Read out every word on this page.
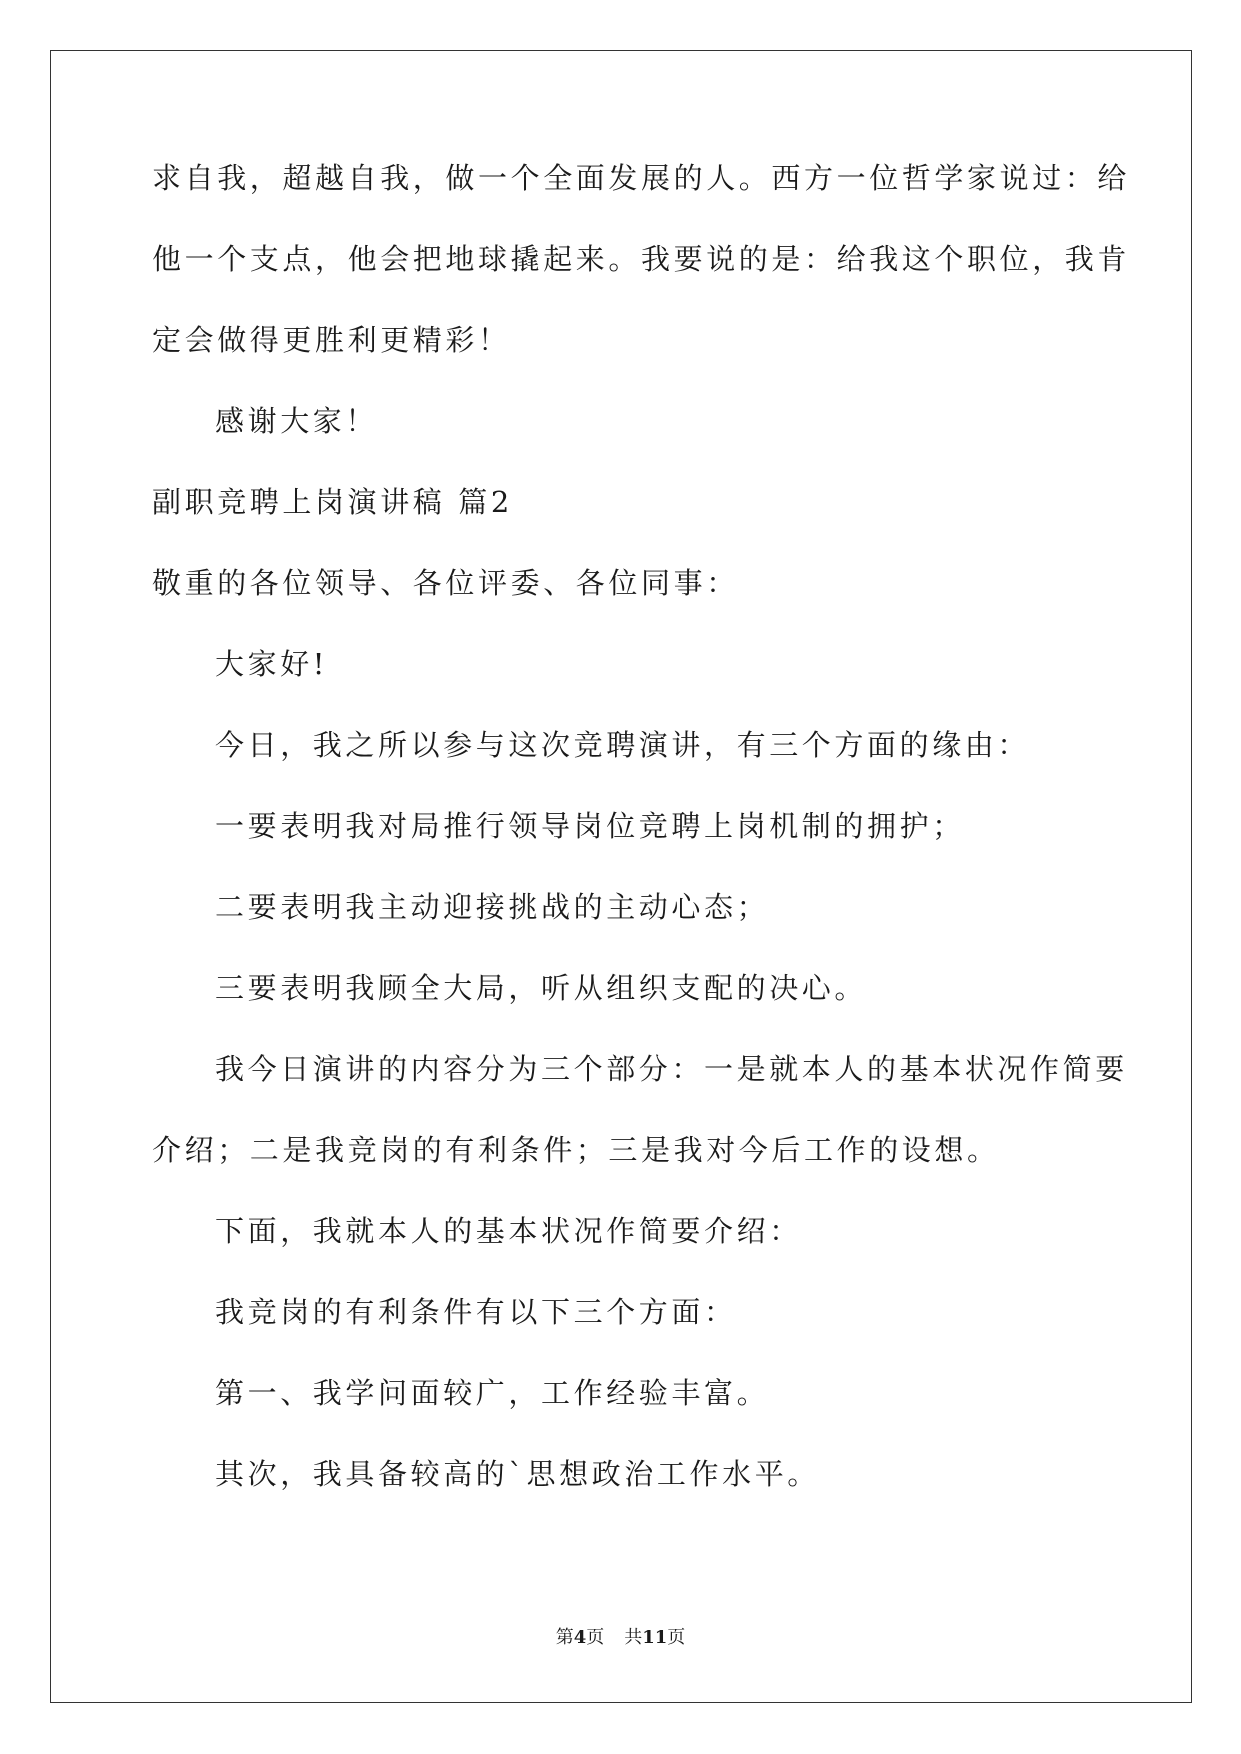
求自我，超越自我，做一个全面发展的人。西方一位哲学家说过：给
他一个支点，他会把地球撬起来。我要说的是：给我这个职位，我肯
定会做得更胜利更精彩！
感谢大家！
副职竞聘上岗演讲稿 篇2
敬重的各位领导、各位评委、各位同事：
大家好!
今日，我之所以参与这次竞聘演讲，有三个方面的缘由：
一要表明我对局推行领导岗位竞聘上岗机制的拥护；
二要表明我主动迎接挑战的主动心态；
三要表明我顾全大局，听从组织支配的决心。
我今日演讲的内容分为三个部分：一是就本人的基本状况作简要
介绍；二是我竞岗的有利条件；三是我对今后工作的设想。
下面，我就本人的基本状况作简要介绍：
我竞岗的有利条件有以下三个方面：
第一、我学问面较广，工作经验丰富。
其次，我具备较高的`思想政治工作水平。
第4页 共11页
